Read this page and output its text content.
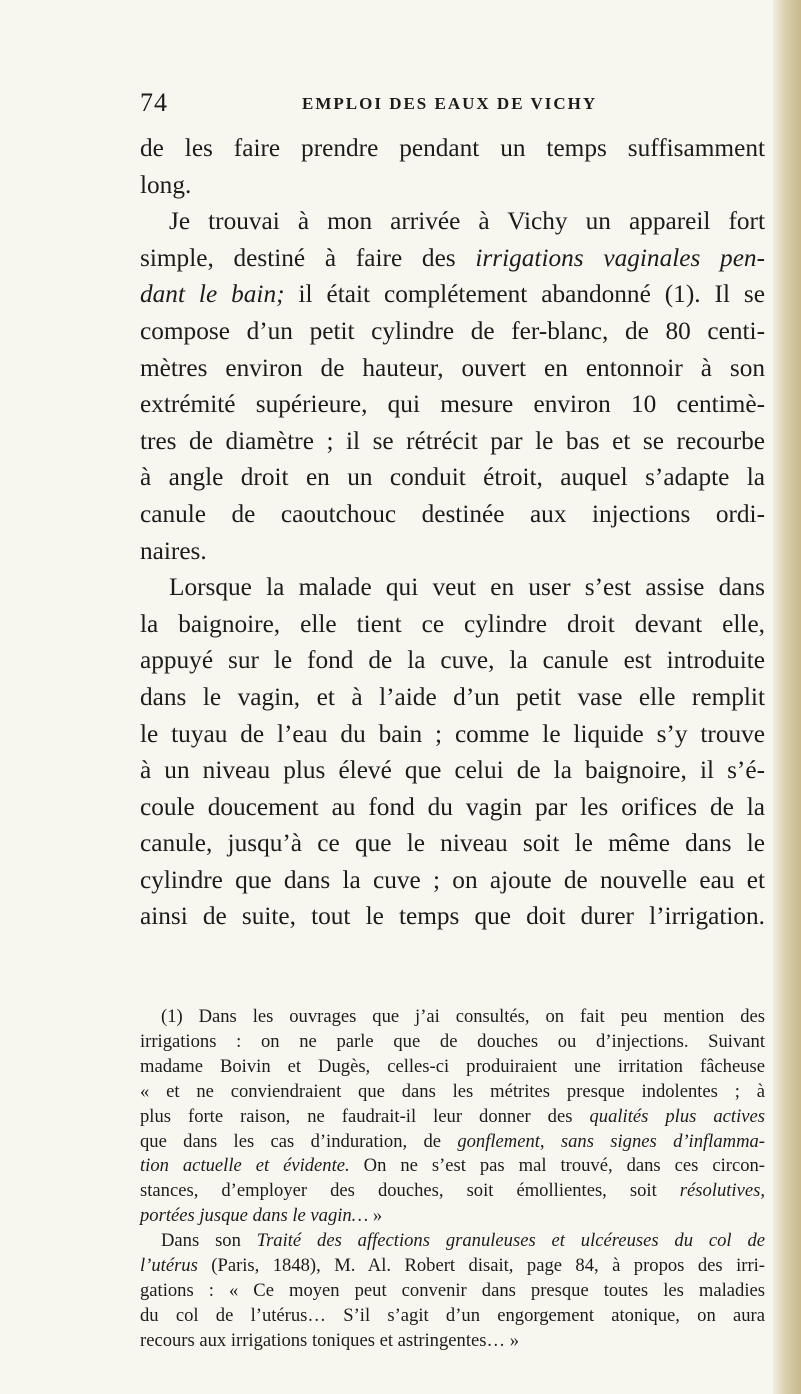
74	EMPLOI DES EAUX DE VICHY
de les faire prendre pendant un temps suffisamment
long.
Je trouvai à mon arrivée à Vichy un appareil fort
simple, destiné à faire des irrigations vaginales pen-
dant le bain; il était complétement abandonné (1). Il se
compose d’un petit cylindre de fer-blanc, de 80 centi-
mètres environ de hauteur, ouvert en entonnoir à son
extrémité supérieure, qui mesure environ 10 centimè-
tres de diamètre ; il se rétrécit par le bas et se recourbe
à angle droit en un conduit étroit, auquel s’adapte la
canule de caoutchouc destinée aux injections ordi-
naires.
Lorsque la malade qui veut en user s’est assise dans
la baignoire, elle tient ce cylindre droit devant elle,
appuyé sur le fond de la cuve, la canule est introduite
dans le vagin, et à l’aide d’un petit vase elle remplit
le tuyau de l’eau du bain ; comme le liquide s’y trouve
à un niveau plus élevé que celui de la baignoire, il s’é-
coule doucement au fond du vagin par les orifices de la
canule, jusqu’à ce que le niveau soit le même dans le
cylindre que dans la cuve ; on ajoute de nouvelle eau et
ainsi de suite, tout le temps que doit durer l’irrigation.
(1) Dans les ouvrages que j’ai consultés, on fait peu mention des
irrigations : on ne parle que de douches ou d’injections. Suivant
madame Boivin et Dugès, celles-ci produiraient une irritation fâcheuse
« et ne conviendraient que dans les métrites presque indolentes ; à
plus forte raison, ne faudrait-il leur donner des qualités plus actives
que dans les cas d’induration, de gonflement, sans signes d’inflamma-
tion actuelle et évidente. On ne s’est pas mal trouvé, dans ces circon-
stances, d’employer des douches, soit émollientes, soit résolutives,
portées jusque dans le vagin… »
Dans son Traité des affections granuleuses et ulcéreuses du col de
l’utérus (Paris, 1848), M. Al. Robert disait, page 84, à propos des irri-
gations : « Ce moyen peut convenir dans presque toutes les maladies
du col de l’utérus… S’il s’agit d’un engorgement atonique, on aura
recours aux irrigations toniques et astringentes… »
